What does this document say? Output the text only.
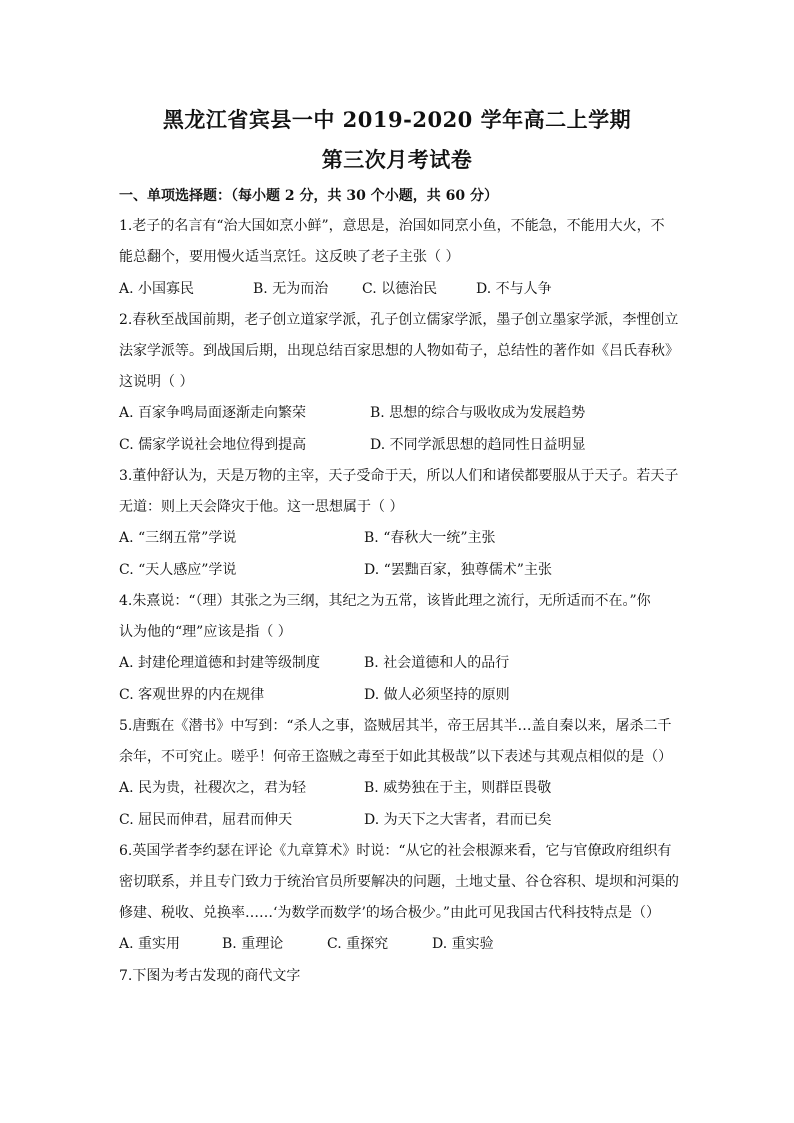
黑龙江省宾县一中 2019-2020 学年高二上学期
第三次月考试卷
一、单项选择题：（每小题 2 分，共 30 个小题，共 60 分）
1.老子的名言有“治大国如烹小鲜”，意思是，治国如同烹小鱼，不能急，不能用大火，不
能总翻个，要用慢火适当烹饪。这反映了老子主张（ ）
A. 小国寡民	B. 无为而治 C. 以德治民	D. 不与人争
2.春秋至战国前期，老子创立道家学派，孔子创立儒家学派，墨子创立墨家学派，李悝创立
法家学派等。到战国后期，出现总结百家思想的人物如荀子，总结性的著作如《吕氏春秋》
这说明（ ）
A. 百家争鸣局面逐渐走向繁荣	B. 思想的综合与吸收成为发展趋势
C. 儒家学说社会地位得到提高	D. 不同学派思想的趋同性日益明显
3.董仲舒认为，天是万物的主宰，天子受命于天，所以人们和诸侯都要服从于天子。若天子
无道：则上天会降灾于他。这一思想属于（ ）
A. “三纲五常”学说	B. “春秋大一统”主张
C. “天人感应”学说	D. “罢黜百家，独尊儒术”主张
4.朱熹说：“（理）其张之为三纲，其纪之为五常，该皆此理之流行，无所适而不在。”你
认为他的“理”应该是指（ ）
A. 封建伦理道德和封建等级制度	B. 社会道德和人的品行
C. 客观世界的内在规律	D. 做人必须坚持的原则
5.唐甄在《潜书》中写到：“杀人之事，盗贼居其半，帝王居其半…盖自秦以来，屠杀二千
余年，不可究止。嗟乎！何帝王盗贼之毒至于如此其极哉”以下表述与其观点相似的是（）
A. 民为贵，社稷次之，君为轻	B. 威势独在于主，则群臣畏敬
C. 屈民而伸君，屈君而伸天	D. 为天下之大害者，君而已矣
6.英国学者李约瑟在评论《九章算术》时说：“从它的社会根源来看，它与官僚政府组织有
密切联系，并且专门致力于统治官员所要解决的问题，土地丈量、谷仓容积、堤坝和河渠的
修建、税收、兑换率……‘为数学而数学’的场合极少。”由此可见我国古代科技特点是（）
A. 重实用	B. 重理论	C. 重探究	D. 重实验
7.下图为考古发现的商代文字
